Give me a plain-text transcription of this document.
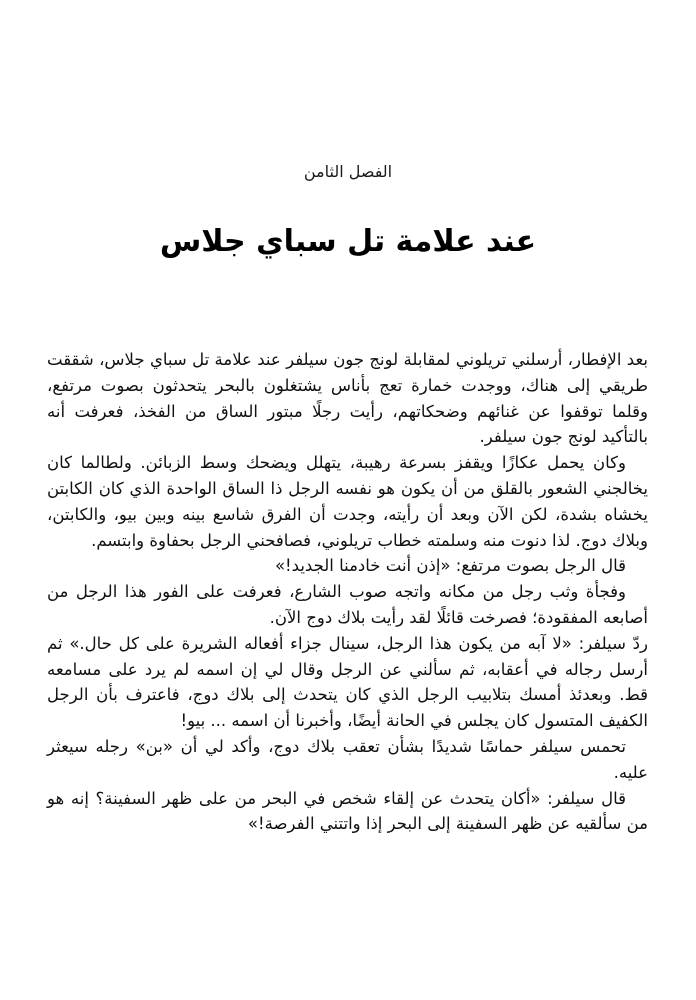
الفصل الثامن
عند علامة تل سباي جلاس

بعد الإفطار، أرسلني تريلوني لمقابلة لونج جون سيلفر عند علامة تل سباي جلاس، شققت طريقي إلى هناك، ووجدت خمارة تعج بأناس يشتغلون بالبحر يتحدثون بصوت مرتفع، وقلما توقفوا عن غنائهم وضحكاتهم، رأيت رجلًا مبتور الساق من الفخذ، فعرفت أنه بالتأكيد لونج جون سيلفر.

وكان يحمل عكازًا ويقفز بسرعة رهيبة، يتهلل ويضحك وسط الزبائن. ولطالما كان يخالجني الشعور بالقلق من أن يكون هو نفسه الرجل ذا الساق الواحدة الذي كان الكابتن يخشاه بشدة، لكن الآن وبعد أن رأيته، وجدت أن الفرق شاسع بينه وبين بيو، والكابتن، وبلاك دوج. لذا دنوت منه وسلمته خطاب تريلوني، فصافحني الرجل بحفاوة وابتسم.

قال الرجل بصوت مرتفع: «إذن أنت خادمنا الجديد!»

وفجأة وثب رجل من مكانه واتجه صوب الشارع، فعرفت على الفور هذا الرجل من أصابعه المفقودة؛ فصرخت قائلًا لقد رأيت بلاك دوج الآن.

ردّ سيلفر: «لا آبه من يكون هذا الرجل، سينال جزاء أفعاله الشريرة على كل حال.» ثم أرسل رجاله في أعقابه، ثم سألني عن الرجل وقال لي إن اسمه لم يرد على مسامعه قط. وبعدئذ أمسك بتلابيب الرجل الذي كان يتحدث إلى بلاك دوج، فاعترف بأن الرجل الكفيف المتسول كان يجلس في الحانة أيضًا، وأخبرنا أن اسمه ... بيو!

تحمس سيلفر حماسًا شديدًا بشأن تعقب بلاك دوج، وأكد لي أن «بن» رجله سيعثر عليه.

قال سيلفر: «أكان يتحدث عن إلقاء شخص في البحر من على ظهر السفينة؟ إنه هو من سألقيه عن ظهر السفينة إلى البحر إذا واتتني الفرصة!»
